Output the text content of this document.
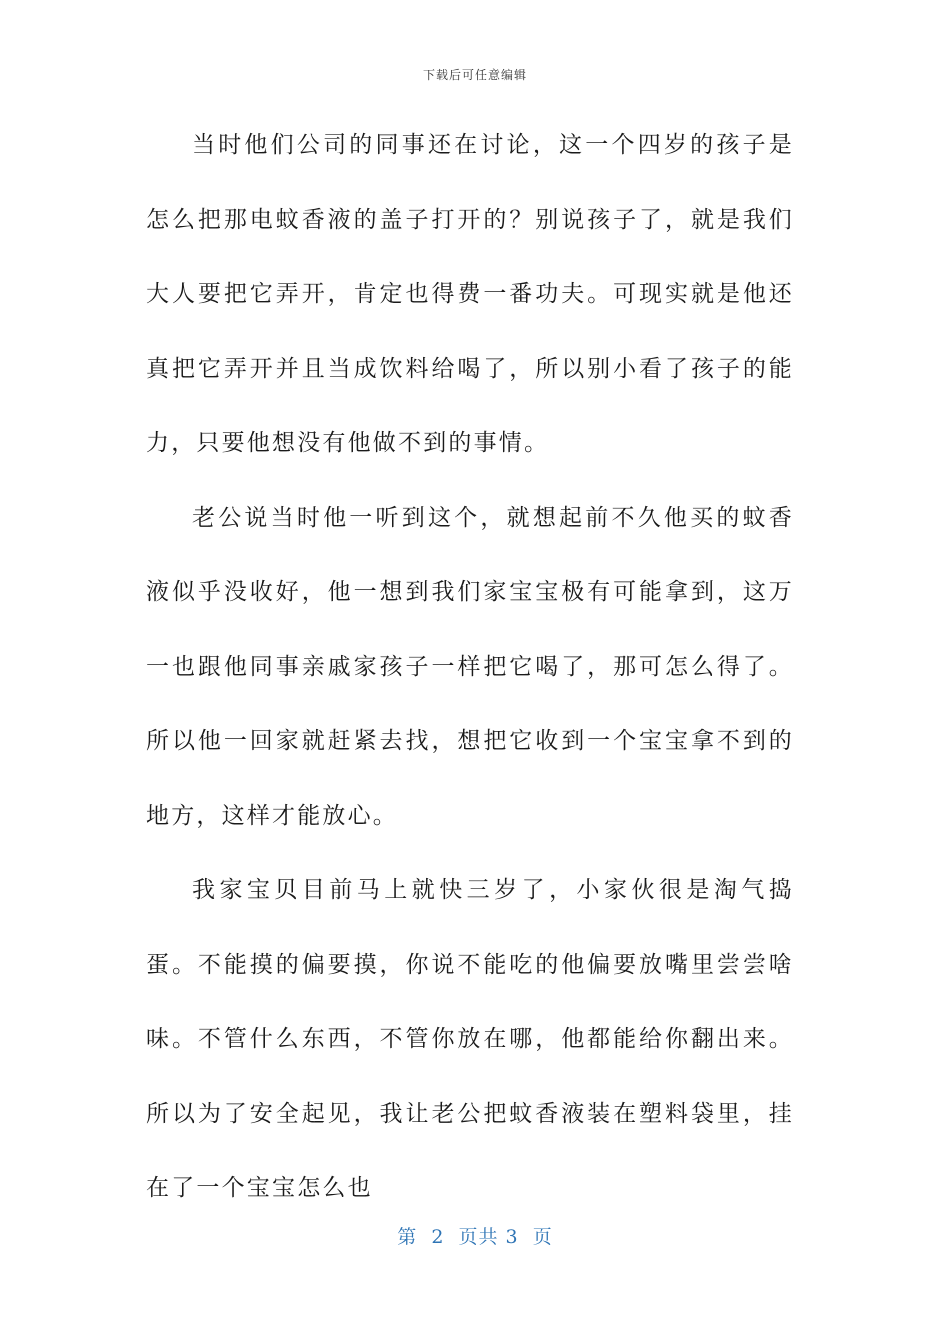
下载后可任意编辑

当时他们公司的同事还在讨论，这一个四岁的孩子是怎么把那电蚊香液的盖子打开的？别说孩子了，就是我们大人要把它弄开，肯定也得费一番功夫。可现实就是他还真把它弄开并且当成饮料给喝了，所以别小看了孩子的能力，只要他想没有他做不到的事情。

老公说当时他一听到这个，就想起前不久他买的蚊香液似乎没收好，他一想到我们家宝宝极有可能拿到，这万一也跟他同事亲戚家孩子一样把它喝了，那可怎么得了。所以他一回家就赶紧去找，想把它收到一个宝宝拿不到的地方，这样才能放心。

我家宝贝目前马上就快三岁了，小家伙很是淘气捣蛋。不能摸的偏要摸，你说不能吃的他偏要放嘴里尝尝啥味。不管什么东西，不管你放在哪，他都能给你翻出来。所以为了安全起见，我让老公把蚊香液装在塑料袋里，挂在了一个宝宝怎么也

第  2  页共 3  页
